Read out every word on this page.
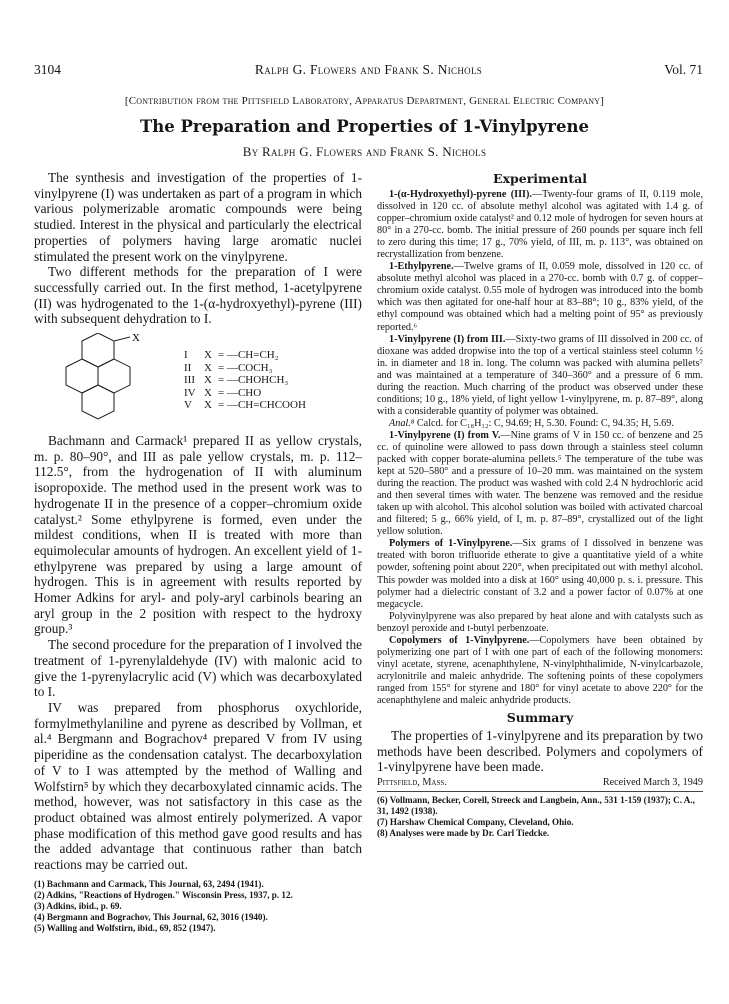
3104	Ralph G. Flowers and Frank S. Nichols	Vol. 71
[Contribution from the Pittsfield Laboratory, Apparatus Department, General Electric Company]
The Preparation and Properties of 1-Vinylpyrene
By Ralph G. Flowers and Frank S. Nichols

The synthesis and investigation of the properties of 1-vinylpyrene (I) was undertaken as part of a program in which various polymerizable aromatic compounds were being studied. Interest in the physical and particularly the electrical properties of polymers having large aromatic nuclei stimulated the present work on the vinylpyrene.

Two different methods for the preparation of I were successfully carried out. In the first method, 1-acetylpyrene (II) was hydrogenated to the 1-(α-hydroxyethyl)-pyrene (III) with subsequent dehydration to I.

X
I	X = —CH=CH₂
II	X = —COCH₃
III X = —CHOHCH₃
IV X = —CHO
V	X = —CH=CHCOOH

Bachmann and Carmack¹ prepared II as yellow crystals, m. p. 80–90°, and III as pale yellow crystals, m. p. 112–112.5°, from the hydrogenation of II with aluminum isopropoxide. The method used in the present work was to hydrogenate II in the presence of a copper–chromium oxide catalyst.² Some ethylpyrene is formed, even under the mildest conditions, when II is treated with more than equimolecular amounts of hydrogen. An excellent yield of 1-ethylpyrene was prepared by using a large amount of hydrogen. This is in agreement with results reported by Homer Adkins for aryl- and poly-aryl carbinols bearing an aryl group in the 2 position with respect to the hydroxy group.³

The second procedure for the preparation of I involved the treatment of 1-pyrenylaldehyde (IV) with malonic acid to give the 1-pyrenylacrylic acid (V) which was decarboxylated to I.

IV was prepared from phosphorus oxychloride, formylmethylaniline and pyrene as described by Vollman, et al.⁴ Bergmann and Bograchov⁴ prepared V from IV using piperidine as the condensation catalyst. The decarboxylation of V to I was attempted by the method of Walling and Wolfstirn⁵ by which they decarboxylated cinnamic acids. The method, however, was not satisfactory in this case as the product obtained was almost entirely polymerized. A vapor phase modification of this method gave good results and has the added advantage that continuous rather than batch reactions may be carried out.

(1) Bachmann and Carmack, This Journal, 63, 2494 (1941).
(2) Adkins, "Reactions of Hydrogen." Wisconsin Press, 1937, p. 12.
(3) Adkins, ibid., p. 69.
(4) Bergmann and Bograchov, This Journal, 62, 3016 (1940).
(5) Walling and Wolfstirn, ibid., 69, 852 (1947).
Experimental

1-(α-Hydroxyethyl)-pyrene (III).—Twenty-four grams of II, 0.119 mole, dissolved in 120 cc. of absolute methyl alcohol was agitated with 1.4 g. of copper–chromium oxide catalyst² and 0.12 mole of hydrogen for seven hours at 80° in a 270-cc. bomb. The initial pressure of 260 pounds per square inch fell to zero during this time; 17 g., 70% yield, of III, m. p. 113°, was obtained on recrystallization from benzene.

1-Ethylpyrene.—Twelve grams of II, 0.059 mole, dissolved in 120 cc. of absolute methyl alcohol was placed in a 270-cc. bomb with 0.7 g. of copper–chromium oxide catalyst. 0.55 mole of hydrogen was introduced into the bomb which was then agitated for one-half hour at 83–88°; 10 g., 83% yield, of the ethyl compound was obtained which had a melting point of 95° as previously reported.⁶

1-Vinylpyrene (I) from III.—Sixty-two grams of III dissolved in 200 cc. of dioxane was added dropwise into the top of a vertical stainless steel column ½ in. in diameter and 18 in. long. The column was packed with alumina pellets⁷ and was maintained at a temperature of 340–360° and a pressure of 6 mm. during the reaction. Much charring of the product was observed under these conditions; 10 g., 18% yield, of light yellow 1-vinylpyrene, m. p. 87–89°, along with a considerable quantity of polymer was obtained.

Anal.⁸ Calcd. for C₁₈H₁₂: C, 94.69; H, 5.30. Found: C, 94.35; H, 5.69.

1-Vinylpyrene (I) from V.—Nine grams of V in 150 cc. of benzene and 25 cc. of quinoline were allowed to pass down through a stainless steel column packed with copper borate-alumina pellets.⁵ The temperature of the tube was kept at 520–580° and a pressure of 10–20 mm. was maintained on the system during the reaction. The product was washed with cold 2.4 N hydrochloric acid and then several times with water. The benzene was removed and the residue taken up with alcohol. This alcohol solution was boiled with activated charcoal and filtered; 5 g., 66% yield, of I, m. p. 87–89°, crystallized out of the light yellow solution.

Polymers of 1-Vinylpyrene.—Six grams of I dissolved in benzene was treated with boron trifluoride etherate to give a quantitative yield of a white powder, softening point about 220°, when precipitated out with methyl alcohol. This powder was molded into a disk at 160° using 40,000 p. s. i. pressure. This polymer had a dielectric constant of 3.2 and a power factor of 0.07% at one megacycle.

Polyvinylpyrene was also prepared by heat alone and with catalysts such as benzoyl peroxide and t-butyl perbenzoate.

Copolymers of 1-Vinylpyrene.—Copolymers have been obtained by polymerizing one part of I with one part of each of the following monomers: vinyl acetate, styrene, acenaphthylene, N-vinylphthalimide, N-vinylcarbazole, acrylonitrile and maleic anhydride. The softening points of these copolymers ranged from 155° for styrene and 180° for vinyl acetate to above 220° for the acenaphthylene and maleic anhydride products.

Summary

The properties of 1-vinylpyrene and its preparation by two methods have been described. Polymers and copolymers of 1-vinylpyrene have been made.

Pittsfield, Mass.	Received March 3, 1949
(6) Vollmann, Becker, Corell, Streeck and Langbein, Ann., 531 1-159 (1937); C. A., 31, 1492 (1938).
(7) Harshaw Chemical Company, Cleveland, Ohio.
(8) Analyses were made by Dr. Carl Tiedcke.
